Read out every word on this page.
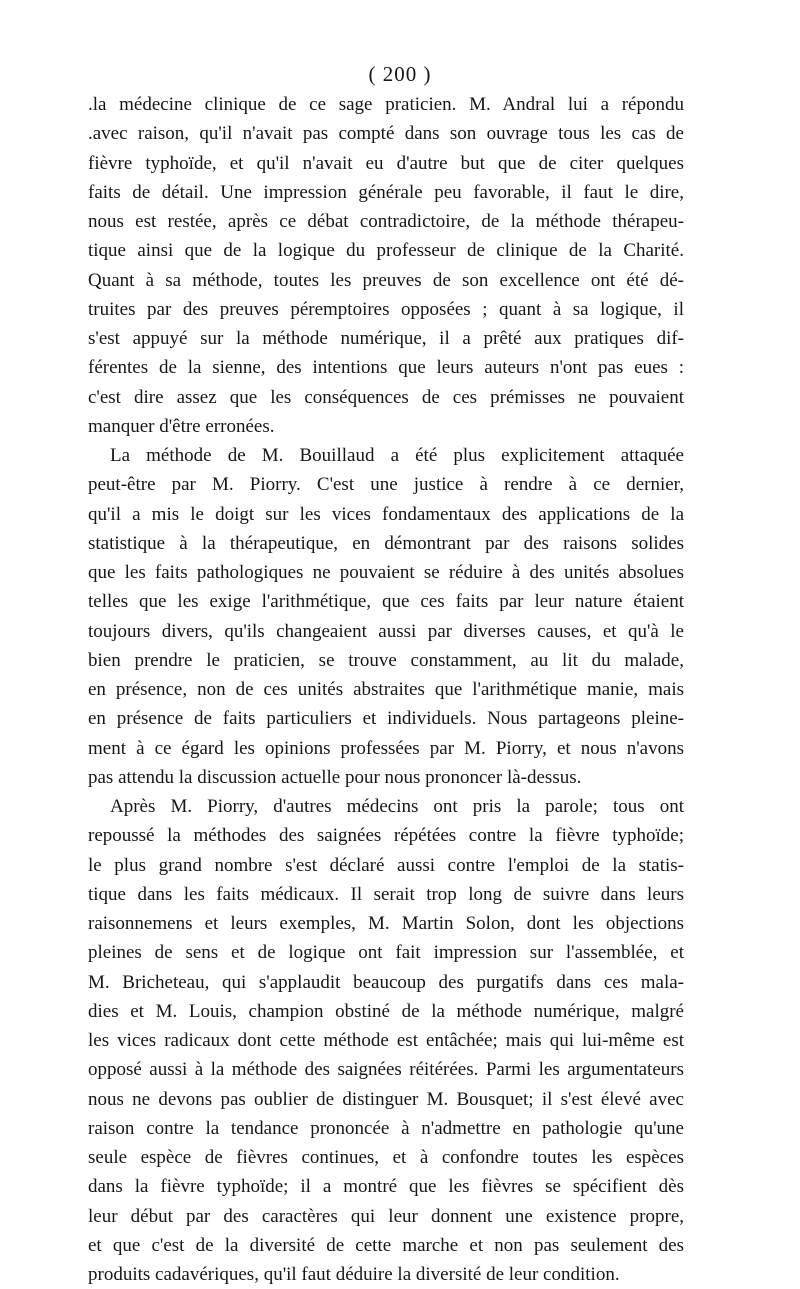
( 200 )
.la médecine clinique de ce sage praticien. M. Andral lui a répondu
.avec raison, qu'il n'avait pas compté dans son ouvrage tous les cas de
fièvre typhoïde, et qu'il n'avait eu d'autre but que de citer quelques
faits de détail. Une impression générale peu favorable, il faut le dire,
nous est restée, après ce débat contradictoire, de la méthode thérapeu-
tique ainsi que de la logique du professeur de clinique de la Charité.
Quant à sa méthode, toutes les preuves de son excellence ont été dé-
truites par des preuves péremptoires opposées ; quant à sa logique, il
s'est appuyé sur la méthode numérique, il a prêté aux pratiques dif-
férentes de la sienne, des intentions que leurs auteurs n'ont pas eues :
c'est dire assez que les conséquences de ces prémisses ne pouvaient
manquer d'être erronées.
La méthode de M. Bouillaud a été plus explicitement attaquée
peut-être par M. Piorry. C'est une justice à rendre à ce dernier,
qu'il a mis le doigt sur les vices fondamentaux des applications de la
statistique à la thérapeutique, en démontrant par des raisons solides
que les faits pathologiques ne pouvaient se réduire à des unités absolues
telles que les exige l'arithmétique, que ces faits par leur nature étaient
toujours divers, qu'ils changeaient aussi par diverses causes, et qu'à le
bien prendre le praticien, se trouve constamment, au lit du malade,
en présence, non de ces unités abstraites que l'arithmétique manie, mais
en présence de faits particuliers et individuels. Nous partageons pleine-
ment à ce égard les opinions professées par M. Piorry, et nous n'avons
pas attendu la discussion actuelle pour nous prononcer là-dessus.
Après M. Piorry, d'autres médecins ont pris la parole; tous ont
repoussé la méthodes des saignées répétées contre la fièvre typhoïde;
le plus grand nombre s'est déclaré aussi contre l'emploi de la statis-
tique dans les faits médicaux. Il serait trop long de suivre dans leurs
raisonnemens et leurs exemples, M. Martin Solon, dont les objections
pleines de sens et de logique ont fait impression sur l'assemblée, et
M. Bricheteau, qui s'applaudit beaucoup des purgatifs dans ces mala-
dies et M. Louis, champion obstiné de la méthode numérique, malgré
les vices radicaux dont cette méthode est entâchée; mais qui lui-même est
opposé aussi à la méthode des saignées réitérées. Parmi les argumentateurs
nous ne devons pas oublier de distinguer M. Bousquet; il s'est élevé avec
raison contre la tendance prononcée à n'admettre en pathologie qu'une
seule espèce de fièvres continues, et à confondre toutes les espèces
dans la fièvre typhoïde; il a montré que les fièvres se spécifient dès
leur début par des caractères qui leur donnent une existence propre,
et que c'est de la diversité de cette marche et non pas seulement des
produits cadavériques, qu'il faut déduire la diversité de leur condition.
